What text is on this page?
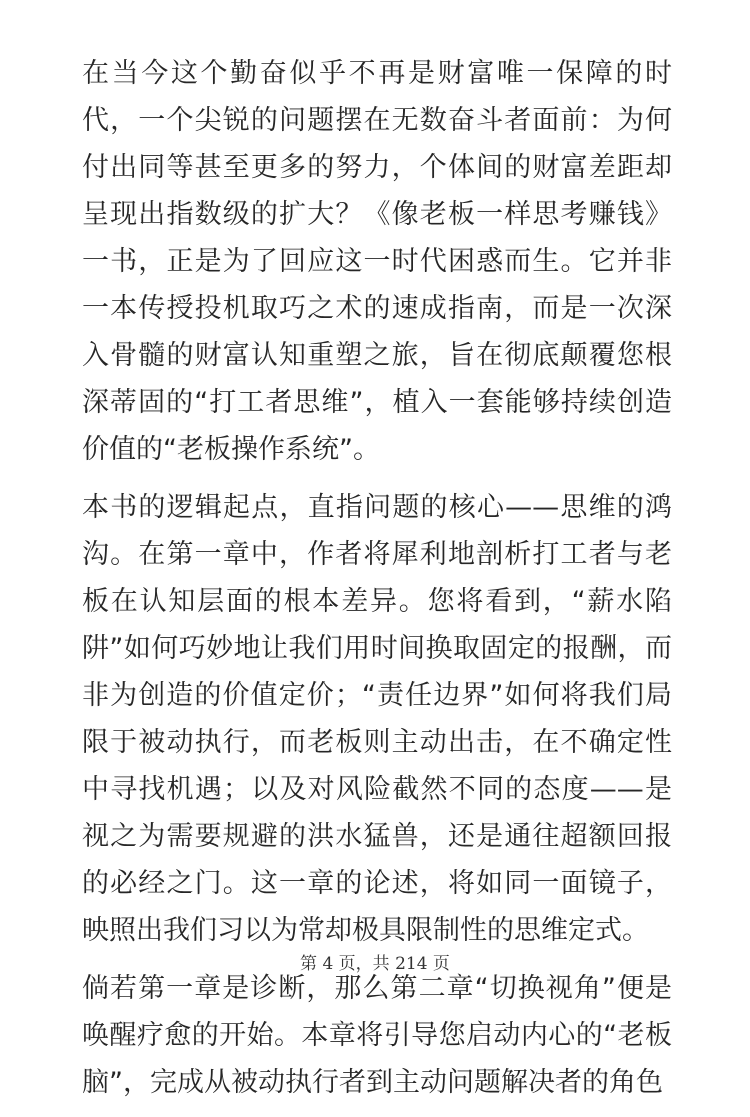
在当今这个勤奋似乎不再是财富唯一保障的时代，一个尖锐的问题摆在无数奋斗者面前：为何付出同等甚至更多的努力，个体间的财富差距却呈现出指数级的扩大？《像老板一样思考赚钱》一书，正是为了回应这一时代困惑而生。它并非一本传授投机取巧之术的速成指南，而是一次深入骨髓的财富认知重塑之旅，旨在彻底颠覆您根深蒂固的“打工者思维”，植入一套能够持续创造价值的“老板操作系统”。

本书的逻辑起点，直指问题的核心——思维的鸿沟。在第一章中，作者将犀利地剖析打工者与老板在认知层面的根本差异。您将看到，“薪水陷阱”如何巧妙地让我们用时间换取固定的报酬，而非为创造的价值定价；“责任边界”如何将我们局限于被动执行，而老板则主动出击，在不确定性中寻找机遇；以及对风险截然不同的态度——是视之为需要规避的洪水猛兽，还是通往超额回报的必经之门。这一章的论述，将如同一面镜子，映照出我们习以为常却极具限制性的思维定式。

倘若第一章是诊断，那么第二章“切换视角”便是唤醒疗愈的开始。本章将引导您启动内心的“老板脑”，完成从被动执行者到主动问题解决者的角色

第 4 页，共 214 页
